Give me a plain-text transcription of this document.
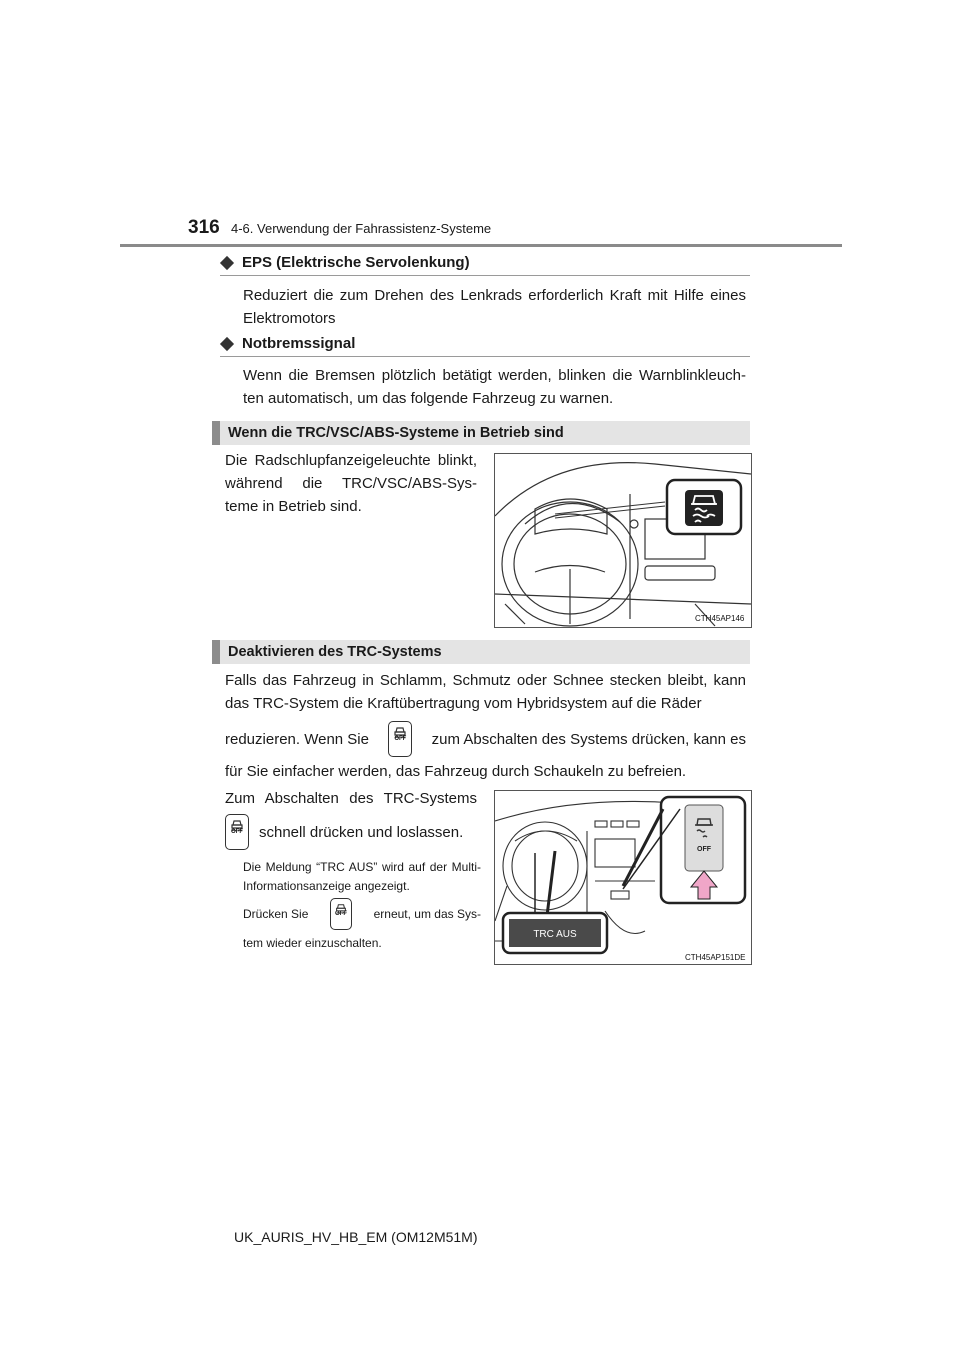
316 4-6. Verwendung der Fahrassistenz-Systeme
EPS (Elektrische Servolenkung)
Reduziert die zum Drehen des Lenkrads erforderlich Kraft mit Hilfe eines Elektromotors
Notbremssignal
Wenn die Bremsen plötzlich betätigt werden, blinken die Warnblinkleuch-ten automatisch, um das folgende Fahrzeug zu warnen.
Wenn die TRC/VSC/ABS-Systeme in Betrieb sind
Die Radschlupfanzeigeleuchte blinkt, während die TRC/VSC/ABS-Sys-teme in Betrieb sind.
CTH45AP146
Deaktivieren des TRC-Systems
Falls das Fahrzeug in Schlamm, Schmutz oder Schnee stecken bleibt, kann das TRC-System die Kraftübertragung vom Hybridsystem auf die Räder
reduzieren. Wenn Sie	OFF	zum Abschalten des Systems drücken, kann es
für Sie einfacher werden, das Fahrzeug durch Schaukeln zu befreien.
Zum Abschalten des TRC-Systems
OFF	schnell drücken und loslassen.
Die Meldung “TRC AUS” wird auf der Multi-Informationsanzeige angezeigt.
Drücken Sie	OFF	erneut, um das Sys-
tem wieder einzuschalten.
OFF
TRC AUS
CTH45AP151DE
UK_AURIS_HV_HB_EM (OM12M51M)
